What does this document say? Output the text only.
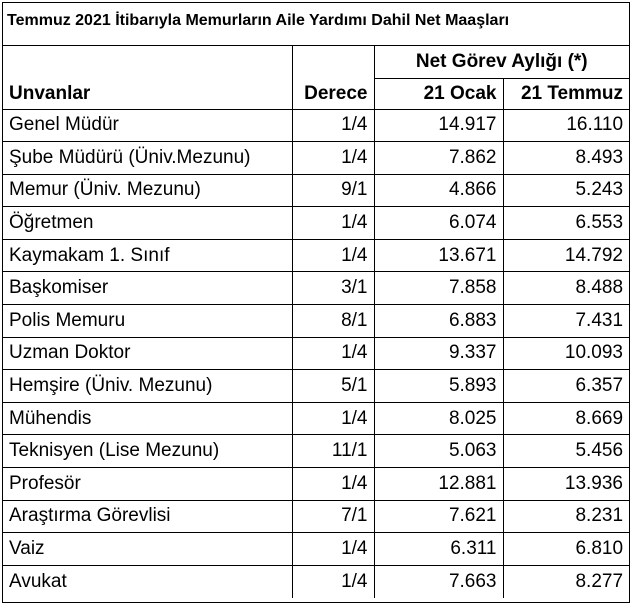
Temmuz 2021 İtibarıyla Memurların Aile Yardımı Dahil Net Maaşları
Unvanlar	Derece	Net Görev Aylığı (*)	
		21 Ocak	21 Temmuz
Genel Müdür	1/4	14.917	16.110
Şube Müdürü (Üniv.Mezunu)	1/4	7.862	8.493
Memur (Üniv. Mezunu)	9/1	4.866	5.243
Öğretmen	1/4	6.074	6.553
Kaymakam 1. Sınıf	1/4	13.671	14.792
Başkomiser	3/1	7.858	8.488
Polis Memuru	8/1	6.883	7.431
Uzman Doktor	1/4	9.337	10.093
Hemşire (Üniv. Mezunu)	5/1	5.893	6.357
Mühendis	1/4	8.025	8.669
Teknisyen (Lise Mezunu)	11/1	5.063	5.456
Profesör	1/4	12.881	13.936
Araştırma Görevlisi	7/1	7.621	8.231
Vaiz	1/4	6.311	6.810
Avukat	1/4	7.663	8.277
